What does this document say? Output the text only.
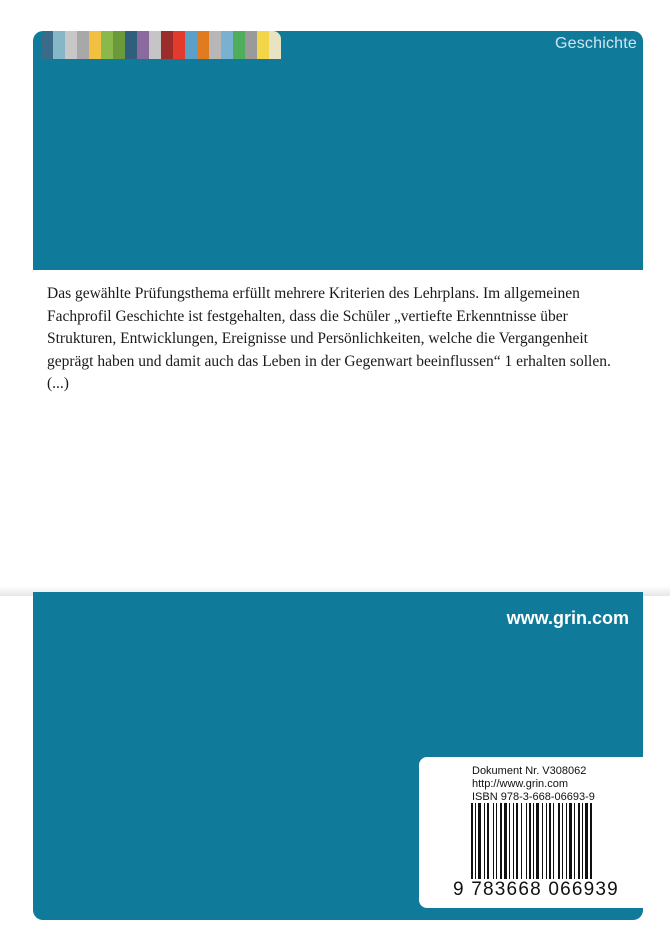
Geschichte

Das gewählte Prüfungsthema erfüllt mehrere Kriterien des Lehrplans. Im allgemeinen Fachprofil Geschichte ist festgehalten, dass die Schüler „vertiefte Erkenntnisse über Strukturen, Entwicklungen, Ereignisse und Persönlichkeiten, welche die Vergangenheit geprägt haben und damit auch das Leben in der Gegenwart beeinflussen“ 1 erhalten sollen. (...)

www.grin.com
Dokument Nr. V308062
http://www.grin.com
ISBN 978-3-668-06693-9
9 783668 066939
